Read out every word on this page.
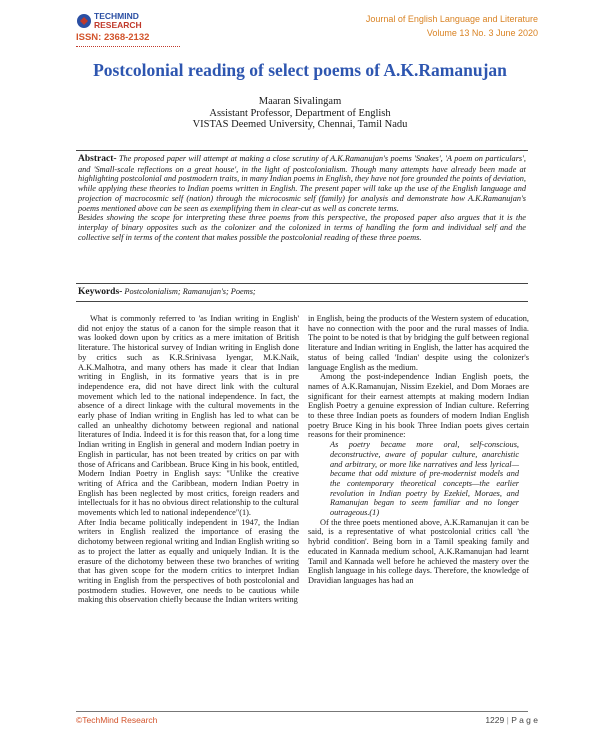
TECHMIND
RESEARCH
ISSN: 2368-2132
Journal of English Language and Literature
Volume 13 No. 3 June 2020
Postcolonial reading of select poems of A.K.Ramanujan
Maaran Sivalingam
Assistant Professor, Department of English
VISTAS Deemed University, Chennai, Tamil Nadu

Abstract- The proposed paper will attempt at making a close scrutiny of A.K.Ramanujan's poems 'Snakes', 'A poem on particulars', and 'Small-scale reflections on a great house', in the light of postcolonialism. Though many attempts have already been made at highlighting postcolonial and postmodern traits, in many Indian poems in English, they have not fore grounded the points of deviation, while applying these theories to Indian poems written in English. The present paper will take up the use of the English language and projection of macrocosmic self (nation) through the microcosmic self (family) for analysis and demonstrate how A.K.Ramanujan's poems mentioned above can be seen as exemplifying them in clear-cut as well as concrete terms.

Besides showing the scope for interpreting these three poems from this perspective, the proposed paper also argues that it is the interplay of binary opposites such as the colonizer and the colonized in terms of handling the form and individual self and the collective self in terms of the content that makes possible the postcolonial reading of these three poems.

Keywords- Postcolonialism; Ramanujan's; Poems;

What is commonly referred to 'as Indian writing in English' did not enjoy the status of a canon for the simple reason that it was looked down upon by critics as a mere imitation of British literature. The historical survey of Indian writing in English done by critics such as K.R.Srinivasa Iyengar, M.K.Naik, A.K.Malhotra, and many others has made it clear that Indian writing in English, in its formative years that is in pre independence era, did not have direct link with the cultural movement which led to the national independence. In fact, the absence of a direct linkage with the cultural movements in the early phase of Indian writing in English has led to what can be called an unhealthy dichotomy between regional and national literatures of India. Indeed it is for this reason that, for a long time Indian writing in English in general and modern Indian poetry in English in particular, has not been treated by critics on par with those of Africans and Caribbean. Bruce King in his book, entitled, Modern Indian Poetry in English says: "Unlike the creative writing of Africa and the Caribbean, modern Indian Poetry in English has been neglected by most critics, foreign readers and intellectuals for it has no obvious direct relationship to the cultural movements which led to national independence"(1).

After India became politically independent in 1947, the Indian writers in English realized the importance of erasing the dichotomy between regional writing and Indian English writing so as to project the latter as equally and uniquely Indian. It is the erasure of the dichotomy between these two branches of writing that has given scope for the modern critics to interpret Indian writing in English from the perspectives of both postcolonial and postmodern studies. However, one needs to be cautious while making this observation chiefly because the Indian writers writing

in English, being the products of the Western system of education, have no connection with the poor and the rural masses of India. The point to be noted is that by bridging the gulf between regional literature and Indian writing in English, the latter has acquired the status of being called 'Indian' despite using the colonizer's language English as the medium.

Among the post-independence Indian English poets, the names of A.K.Ramanujan, Nissim Ezekiel, and Dom Moraes are significant for their earnest attempts at making modern Indian English Poetry a genuine expression of Indian culture. Referring to these three Indian poets as founders of modern Indian English poetry Bruce King in his book Three Indian poets gives certain reasons for their prominence:

As poetry became more oral, self-conscious, deconstructive, aware of popular culture, anarchistic and arbitrary, or more like narratives and less lyrical—became that odd mixture of pre-modernist models and the contemporary theoretical concepts—the earlier revolution in Indian poetry by Ezekiel, Moraes, and Ramanujan began to seem familiar and no longer outrageous.(1)

Of the three poets mentioned above, A.K.Ramanujan it can be said, is a representative of what postcolonial critics call 'the hybrid condition'. Being born in a Tamil speaking family and educated in Kannada medium school, A.K.Ramanujan had learnt Tamil and Kannada well before he achieved the mastery over the English language in his college days. Therefore, the knowledge of Dravidian languages has had an

©TechMind Research	1229 | P a g e
